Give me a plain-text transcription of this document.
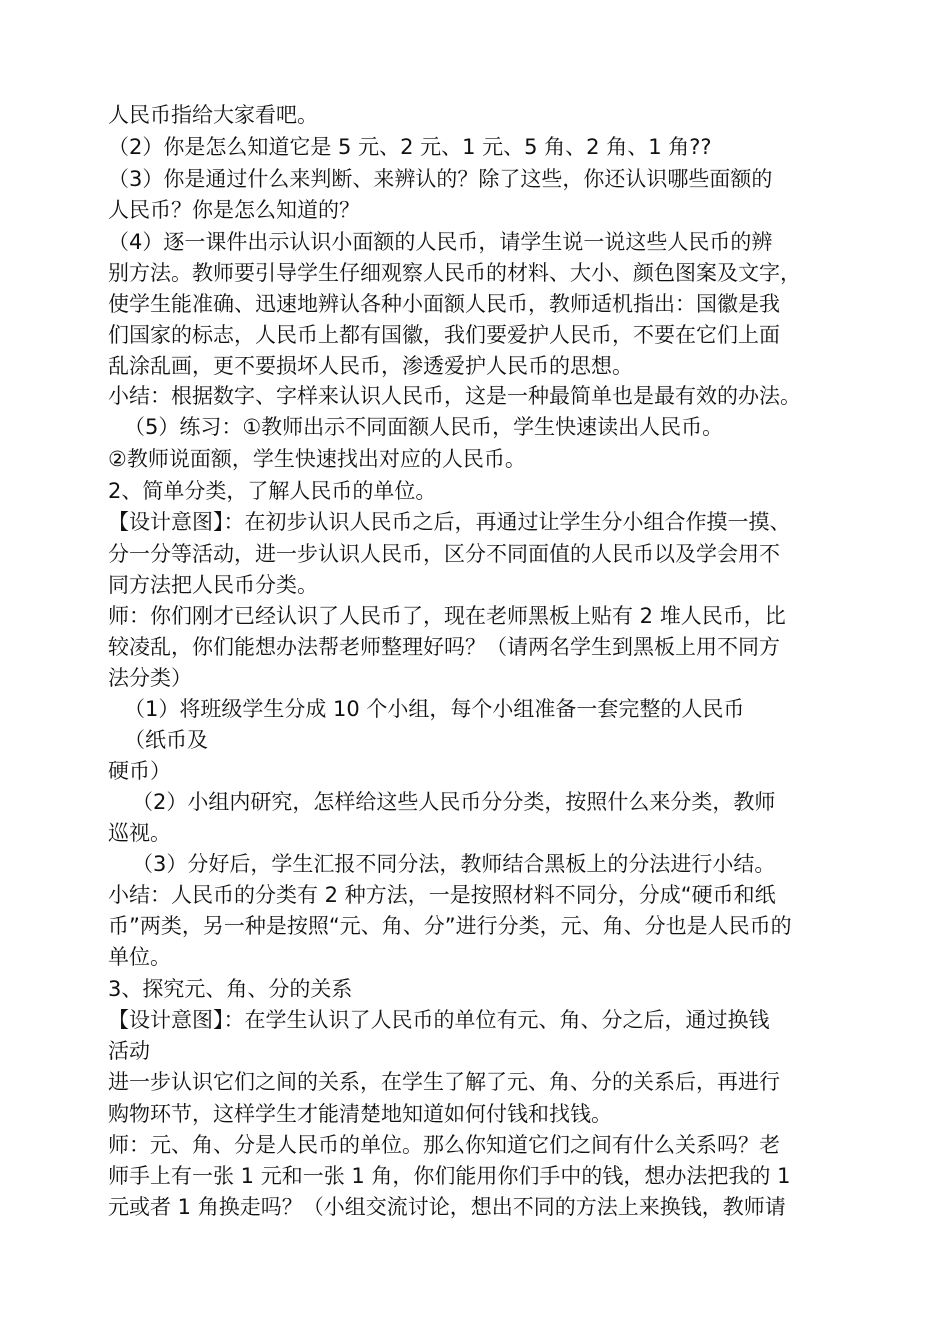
人民币指给大家看吧。
（2）你是怎么知道它是 5 元、2 元、1 元、5 角、2 角、1 角??
（3）你是通过什么来判断、来辨认的？除了这些，你还认识哪些面额的
人民币？你是怎么知道的？
（4）逐一课件出示认识小面额的人民币，请学生说一说这些人民币的辨
别方法。教师要引导学生仔细观察人民币的材料、大小、颜色图案及文字，
使学生能准确、迅速地辨认各种小面额人民币，教师适机指出：国徽是我
们国家的标志，人民币上都有国徽，我们要爱护人民币，不要在它们上面
乱涂乱画，更不要损坏人民币，渗透爱护人民币的思想。
小结：根据数字、字样来认识人民币，这是一种最简单也是最有效的办法。
（5）练习：①教师出示不同面额人民币，学生快速读出人民币。
②教师说面额，学生快速找出对应的人民币。
2、简单分类，了解人民币的单位。
【设计意图】：在初步认识人民币之后，再通过让学生分小组合作摸一摸、
分一分等活动，进一步认识人民币，区分不同面值的人民币以及学会用不
同方法把人民币分类。
师：你们刚才已经认识了人民币了，现在老师黑板上贴有 2 堆人民币，比
较凌乱，你们能想办法帮老师整理好吗？（请两名学生到黑板上用不同方
法分类）
（1）将班级学生分成 10 个小组，每个小组准备一套完整的人民币
（纸币及
硬币）
（2）小组内研究，怎样给这些人民币分分类，按照什么来分类，教师
巡视。
（3）分好后，学生汇报不同分法，教师结合黑板上的分法进行小结。
小结：人民币的分类有 2 种方法，一是按照材料不同分，分成“硬币和纸
币”两类，另一种是按照“元、角、分”进行分类，元、角、分也是人民币的
单位。
3、探究元、角、分的关系
【设计意图】：在学生认识了人民币的单位有元、角、分之后，通过换钱
活动
进一步认识它们之间的关系，在学生了解了元、角、分的关系后，再进行
购物环节，这样学生才能清楚地知道如何付钱和找钱。
师：元、角、分是人民币的单位。那么你知道它们之间有什么关系吗？老
师手上有一张 1 元和一张 1 角，你们能用你们手中的钱，想办法把我的 1
元或者 1 角换走吗？（小组交流讨论，想出不同的方法上来换钱，教师请
